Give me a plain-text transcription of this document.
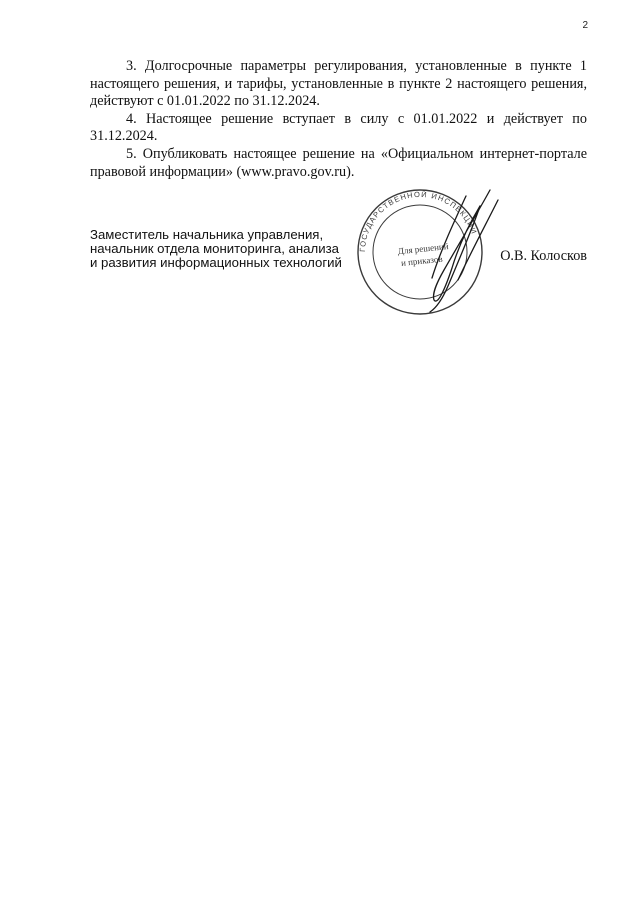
2

3. Долгосрочные параметры регулирования, установленные в пункте 1 настоящего решения, и тарифы, установленные в пункте 2 настоящего решения, действуют с 01.01.2022 по 31.12.2024.

4. Настоящее решение вступает в силу с 01.01.2022 и действует по 31.12.2024.

5. Опубликовать настоящее решение на «Официальном интернет-портале правовой информации» (www.pravo.gov.ru).

Заместитель начальника управления,
начальник отдела мониторинга, анализа
и развития информационных технологий
ГОСУДАРСТВЕННОЙ ИНСПЕКЦИИ
Для решений
и приказов	О.В. Колосков
